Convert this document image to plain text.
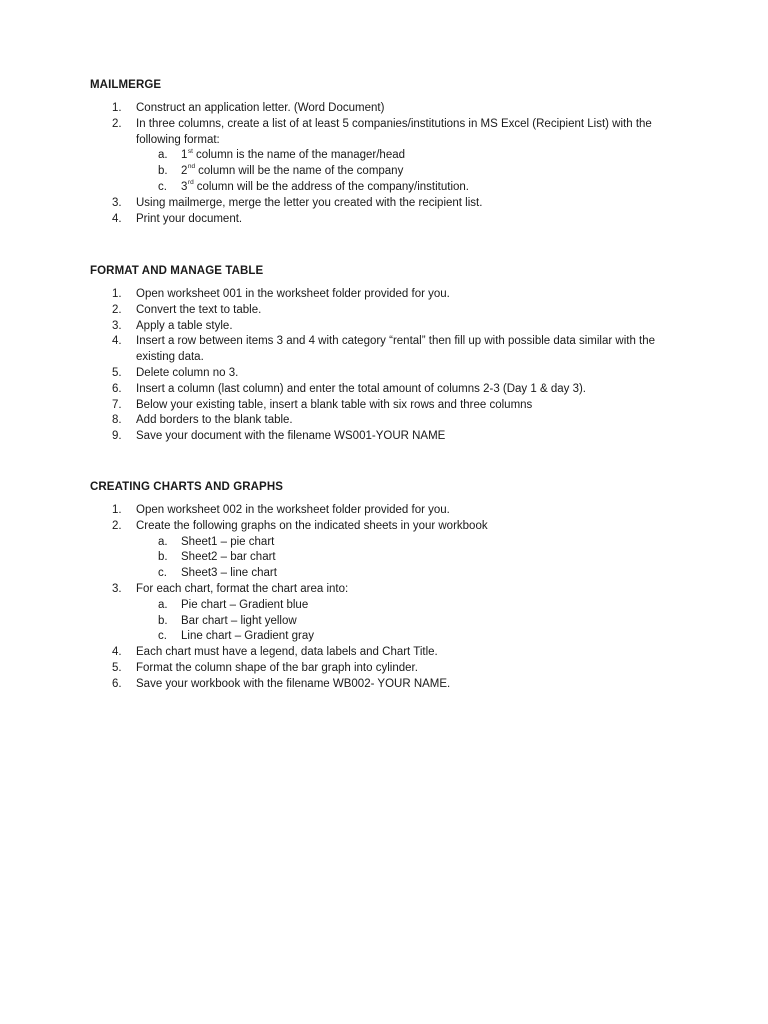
MAILMERGE
1. Construct an application letter. (Word Document)
2. In three columns, create a list of at least 5 companies/institutions in MS Excel (Recipient List) with the following format:
a. 1st column is the name of the manager/head
b. 2nd column will be the name of the company
c. 3rd column will be the address of the company/institution.
3. Using mailmerge, merge the letter you created with the recipient list.
4. Print your document.
FORMAT AND MANAGE TABLE
1. Open worksheet 001 in the worksheet folder provided for you.
2. Convert the text to table.
3. Apply a table style.
4. Insert a row between items 3 and 4 with category “rental” then fill up with possible data similar with the existing data.
5. Delete column no 3.
6. Insert a column (last column) and enter the total amount of columns 2-3 (Day 1 & day 3).
7. Below your existing table, insert a blank table with six rows and three columns
8. Add borders to the blank table.
9. Save your document with the filename WS001-YOUR NAME
CREATING CHARTS AND GRAPHS
1. Open worksheet 002 in the worksheet folder provided for you.
2. Create the following graphs on the indicated sheets in your workbook
a. Sheet1 – pie chart
b. Sheet2 – bar chart
c. Sheet3 – line chart
3. For each chart, format the chart area into:
a. Pie chart – Gradient blue
b. Bar chart – light yellow
c. Line chart – Gradient gray
4. Each chart must have a legend, data labels and Chart Title.
5. Format the column shape of the bar graph into cylinder.
6. Save your workbook with the filename WB002- YOUR NAME.
